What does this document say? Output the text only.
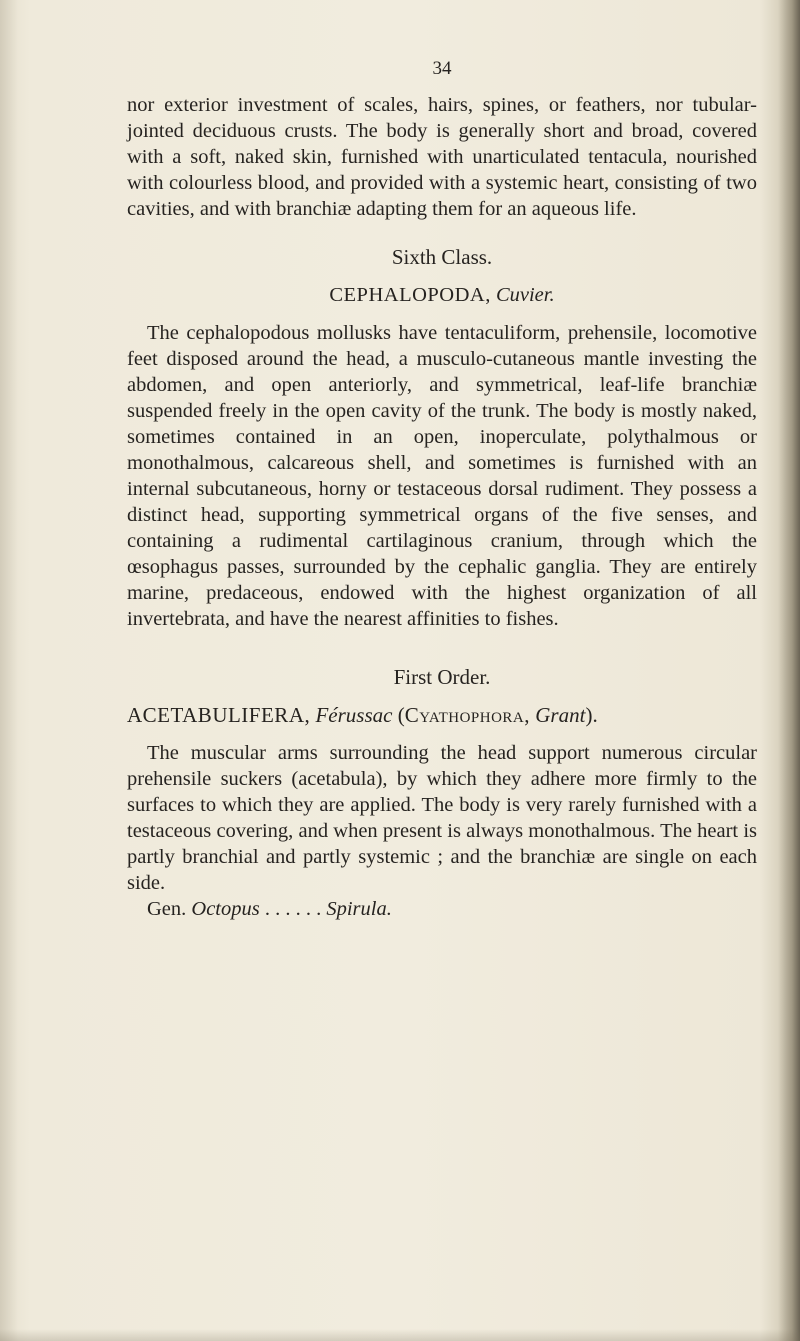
34

nor exterior investment of scales, hairs, spines, or feathers, nor tubular-jointed deciduous crusts. The body is generally short and broad, covered with a soft, naked skin, furnished with unarticulated tentacula, nourished with colourless blood, and provided with a systemic heart, consisting of two cavities, and with branchiæ adapting them for an aqueous life.

Sixth Class.

CEPHALOPODA, Cuvier.

The cephalopodous mollusks have tentaculiform, prehensile, locomotive feet disposed around the head, a musculo-cutaneous mantle investing the abdomen, and open anteriorly, and symmetrical, leaf-life branchiæ suspended freely in the open cavity of the trunk. The body is mostly naked, sometimes contained in an open, inoperculate, polythalmous or monothalmous, calcareous shell, and sometimes is furnished with an internal subcutaneous, horny or testaceous dorsal rudiment. They possess a distinct head, supporting symmetrical organs of the five senses, and containing a rudimental cartilaginous cranium, through which the œsophagus passes, surrounded by the cephalic ganglia. They are entirely marine, predaceous, endowed with the highest organization of all invertebrata, and have the nearest affinities to fishes.

First Order.

ACETABULIFERA, Férussac (Cyathophora, Grant).

The muscular arms surrounding the head support numerous circular prehensile suckers (acetabula), by which they adhere more firmly to the surfaces to which they are applied. The body is very rarely furnished with a testaceous covering, and when present is always monothalmous. The heart is partly branchial and partly systemic ; and the branchiæ are single on each side.

Gen. Octopus . . . . . . Spirula.
